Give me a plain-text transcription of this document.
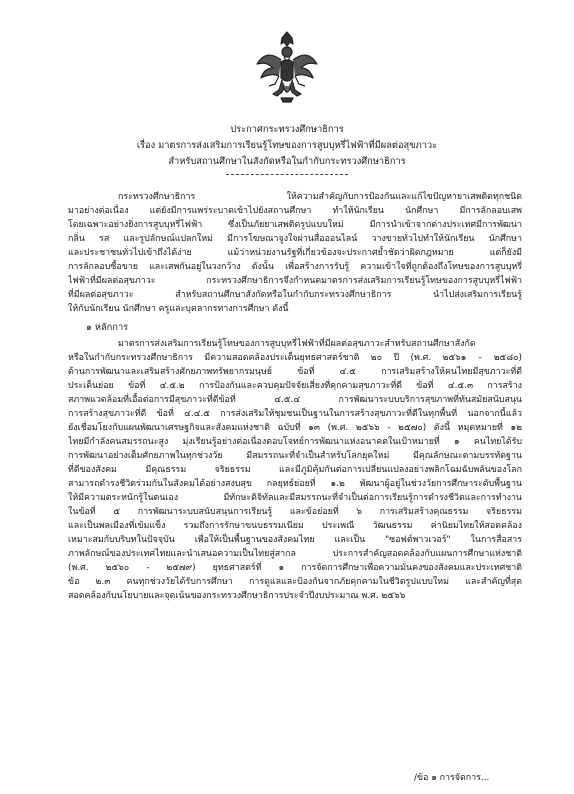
ประกาศกระทรวงศึกษาธิการ
เรื่อง มาตรการส่งเสริมการเรียนรู้โทษของการสูบบุหรี่ไฟฟ้าที่มีผลต่อสุขภาวะ
สำหรับสถานศึกษาในสังกัดหรือในกำกับกระทรวงศึกษาธิการ
กระทรวงศึกษาธิการ ให้ความสำคัญกับการป้องกันและแก้ไขปัญหายาเสพติดทุกชนิด
มาอย่างต่อเนื่อง แต่ยังมีการแพร่ระบาดเข้าไปยังสถานศึกษา ทำให้นักเรียน นักศึกษา มีการลักลอบเสพ
โดยเฉพาะอย่างยิ่งการสูบบุหรี่ไฟฟ้า ซึ่งเป็นภัยยาเสพติดรูปแบบใหม่ มีการนำเข้าจากต่างประเทศมีการพัฒนา
กลิ่น รส และรูปลักษณ์แปลกใหม่ มีการโฆษณาจูงใจผ่านสื่อออนไลน์ วางขายทั่วไปทำให้นักเรียน นักศึกษา
และประชาชนทั่วไปเข้าถึงได้ง่าย แม้ว่าหน่วยงานรัฐที่เกี่ยวข้องจะประกาศย้ำชัดว่าผิดกฎหมาย แต่ก็ยังมี
การลักลอบซื้อขาย และเสพกันอยู่ในวงกว้าง ดังนั้น เพื่อสร้างการรับรู้ ความเข้าใจที่ถูกต้องถึงโทษของการสูบบุหรี่
ไฟฟ้าที่มีผลต่อสุขภาวะ กระทรวงศึกษาธิการจึงกำหนดมาตรการส่งเสริมการเรียนรู้โทษของการสูบบุหรี่ไฟฟ้า
ที่มีผลต่อสุขภาวะ สำหรับสถานศึกษาสังกัดหรือในกำกับกระทรวงศึกษาธิการ นำไปส่งเสริมการเรียนรู้
ให้กับนักเรียน นักศึกษา ครูและบุคลากรทางการศึกษา ดังนี้
๑ หลักการ
มาตรการส่งเสริมการเรียนรู้โทษของการสูบบุหรี่ไฟฟ้าที่มีผลต่อสุขภาวะสำหรับสถานศึกษาสังกัด
หรือในกำกับกระทรวงศึกษาธิการ มีความสอดคล้องประเด็นยุทธศาสตร์ชาติ ๒๐ ปี (พ.ศ. ๒๕๖๑ – ๒๕๘๐)
ด้านการพัฒนาและเสริมสร้างศักยภาพทรัพยากรมนุษย์ ข้อที่ ๔.๕ การเสริมสร้างให้คนไทยมีสุขภาวะที่ดี
ประเด็นย่อย ข้อที่ ๔.๕.๒ การป้องกันและควบคุมปัจจัยเสี่ยงที่คุกคามสุขภาวะที่ดี ข้อที่ ๔.๕.๓ การสร้าง
สภาพแวดล้อมที่เอื้อต่อการมีสุขภาวะที่ดีข้อที่ ๔.๕.๔ การพัฒนาระบบบริการสุขภาพที่ทันสมัยสนับสนุน
การสร้างสุขภาวะที่ดี ข้อที่ ๔.๔.๕ การส่งเสริมให้ชุมชนเป็นฐานในการสร้างสุขภาวะที่ดีในทุกพื้นที่ นอกจากนี้แล้ว
ยังเชื่อมโยงกับแผนพัฒนาเศรษฐกิจและสังคมแห่งชาติ ฉบับที่ ๑๓ (พ.ศ. ๒๕๖๖ - ๒๕๗๐) ดังนี้ หมุดหมายที่ ๑๒
ไทยมีกำลังคนสมรรถนะสูง มุ่งเรียนรู้อย่างต่อเนื่องตอบโจทย์การพัฒนาแห่งอนาคตในเป้าหมายที่ ๑ คนไทยได้รับ
การพัฒนาอย่างเต็มศักยภาพในทุกช่วงวัย มีสมรรถนะที่จำเป็นสำหรับโลกยุคใหม่ มีคุณลักษณะตามบรรทัดฐาน
ที่ดีของสังคม มีคุณธรรม จริยธรรม และมีภูมิคุ้มกันต่อการเปลี่ยนแปลงอย่างพลิกโฉมฉับพลันของโลก
สามารถดำรงชีวิตร่วมกันในสังคมได้อย่างสงบสุข กลยุทธ์ย่อยที่ ๑.๒ พัฒนาผู้อยู่ในช่วงวัยการศึกษาระดับพื้นฐาน
ให้มีความตระหนักรู้ในตนเอง มีทักษะดิจิทัลและมีสมรรถนะที่จำเป็นต่อการเรียนรู้การดำรงชีวิตและการทำงาน
ในข้อที่ ๕ การพัฒนาระบบสนับสนุนการเรียนรู้ และข้อย่อยที่ ๖ การเสริมสร้างคุณธรรม จริยธรรม
และเป็นพลเมืองที่เข้มแข็ง รวมถึงการรักษาขนบธรรมเนียม ประเพณี วัฒนธรรม ค่านิยมไทยให้สอดคล้อง
เหมาะสมกับบริบทในปัจจุบัน เพื่อให้เป็นพื้นฐานของสังคมไทย และเป็น "ซอฟต์พาวเวอร์" ในการสื่อสาร
ภาพลักษณ์ของประเทศไทยและนำเสนอความเป็นไทยสู่สากล ประการสำคัญสอดคล้องกับแผนการศึกษาแห่งชาติ
(พ.ศ. ๒๕๖๐ - ๒๕๗๙) ยุทธศาสตร์ที่ ๑ การจัดการศึกษาเพื่อความมั่นคงของสังคมและประเทศชาติ
ข้อ ๒.๓ คนทุกช่วงวัยได้รับการศึกษา การดูแลและป้องกันจากภัยคุกคามในชีวิตรูปแบบใหม่ และสำคัญที่สุด
สอดคล้องกับนโยบายและจุดเน้นของกระทรวงศึกษาธิการประจำปีงบประมาณ พ.ศ. ๒๕๖๖
/ข้อ ๑ การจัดการ...
